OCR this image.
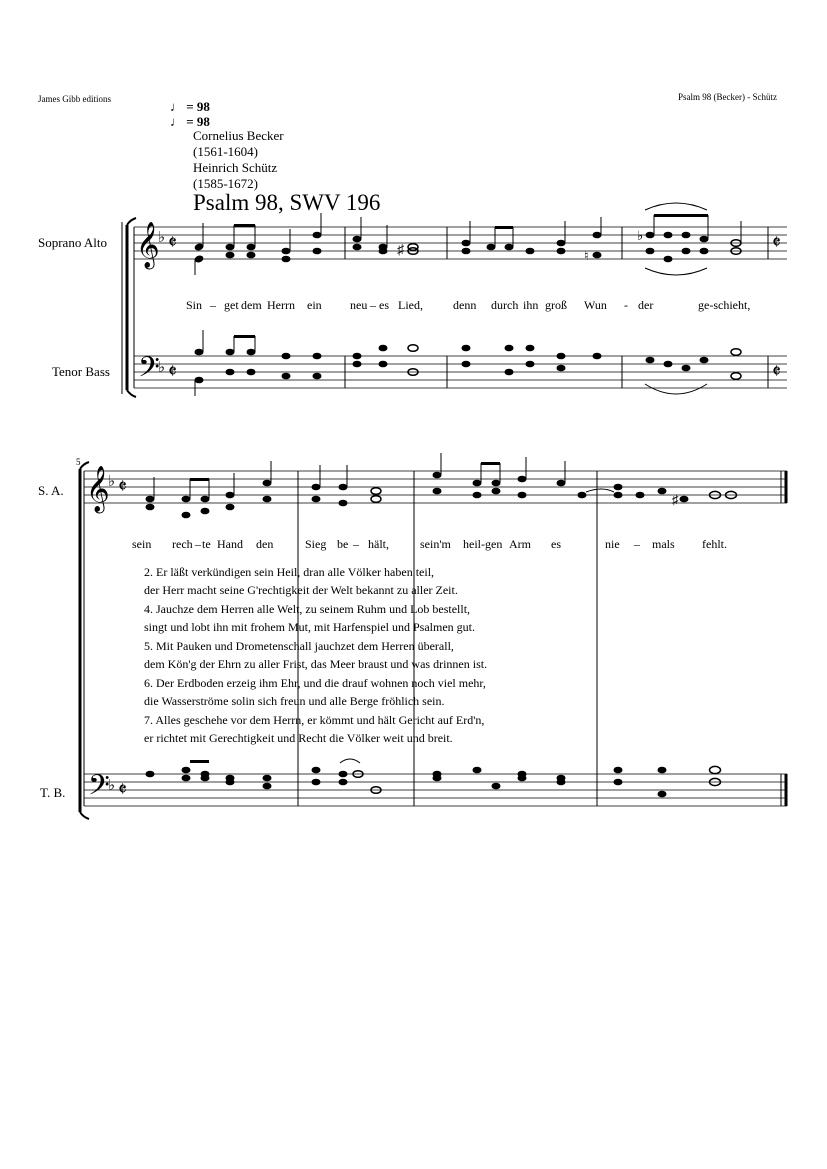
James Gibb editions	Psalm 98 (Becker) - Schütz
♩ = 98
♩ = 98
Cornelius Becker
(1561-1604)
Heinrich Schütz
(1585-1672)
Psalm 98, SWV 196
Soprano Alto
Tenor Bass
5
S. A.
T. B.
𝄞
𝄢
♭
♭
𝄵
𝄵
𝄵
𝄵
♯	♮
♭
𝄞
𝄢
♭
♭
𝄵
𝄵
♯
Sin – get dem Herrn ein neu – es Lied,	denn durch ihn groß Wun - der	ge-schieht,
sein rech – te Hand den	Sieg be – hält,	sein'm heil-gen Arm es	nie – mals fehlt.
2. Er läßt verkündigen sein Heil, dran alle Völker haben teil,
der Herr macht seine G'rechtigkeit der Welt bekannt zu aller Zeit.
4. Jauchze dem Herren alle Welt, zu seinem Ruhm und Lob bestellt,
singt und lobt ihn mit frohem Mut, mit Harfenspiel und Psalmen gut.
5. Mit Pauken und Drometenschall jauchzet dem Herren überall,
dem Kön'g der Ehrn zu aller Frist, das Meer braust und was drinnen ist.
6. Der Erdboden erzeig ihm Ehr, und die drauf wohnen noch viel mehr,
die Wasserströme solin sich freun und alle Berge fröhlich sein.
7. Alles geschehe vor dem Herrn, er kömmt und hält Gericht auf Erd'n,
er richtet mit Gerechtigkeit und Recht die Völker weit und breit.
